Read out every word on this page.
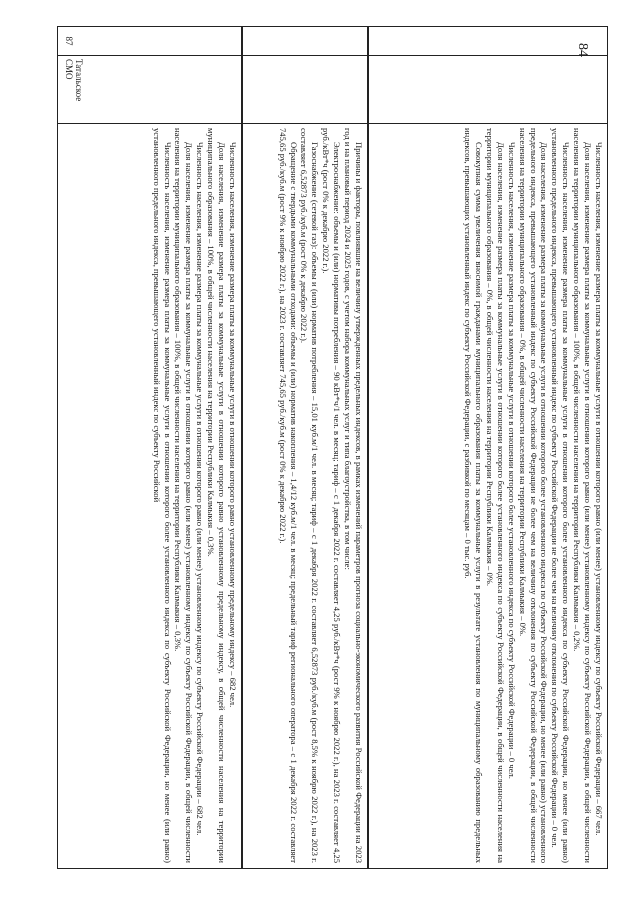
84

Численность населения, изменение размера платы за коммунальные услуги в отношении которого равно (или менее) установленному индексу по субъекту Российской Федерации – 667 чел.

Доля населения, изменение размера платы за коммунальные услуги в отношении которого равно (или менее) установленному индексу по субъекту Российской Федерации, в общей численности населения на территории муниципального образования – 100%, в общей численности населения на территории Республики Калмыкия – 0,2%.

Численность населения, изменение размера платы за коммунальные услуги в отношении которого более установленного индекса по субъекту Российской Федерации, но менее (или равно) установленного предельного индекса, превышающего установленный индекс по субъекту Российской Федерации не более чем на величину отклонения по субъекту Российской Федерации – 0 чел.

Доля населения, изменение размера платы за коммунальные услуги в отношении которого более установленного индекса по субъекту Российской Федерации, но менее (или равно) установленного предельного индекса, превышающего установленный индекс по субъекту Российской Федерации не более чем на величину отклонения по субъекту Российской Федерации, в общей численности населения на территории муниципального образования – 0%, в общей численности населения на территории Республики Калмыкия – 0%.

Численность населения, изменение размера платы за коммунальные услуги в отношении которого более установленного индекса по субъекту Российской Федерации – 0 чел.

Доля населения, изменение размера платы за коммунальные услуги в отношении которого более установленного индекса по субъекту Российской Федерации, в общей численности населения на территории муниципального образования – 0%, в общей численности населения на территории Республики Калмыкия – 0%.

Совокупная сумма увеличения вносимой гражданами муниципального образования платы за коммунальные услуги в результате установления по муниципальному образованию предельных индексов, превышающих установленный индекс по субъекту Российской Федерации, с разбивкой по месяцам – 0 тыс. руб.

Причины и факторы, повлиявшие на величину утвержденных предельных индексов, в рамках изменений параметров прогноза социально-экономического развития Российской Федерации на 2023 год и на плановый период 2024 и 2025 годов, с учетом набора коммунальных услуг и типа благоустройства, в том числе:

Электроснабжение: объемы и (или) нормативы потребления – 90 кВт*ч/1 чел. в месяц; тариф – с 1 декабря 2022 г. составляет 4,25 руб./кВт*ч (рост 9% к ноябрю 2022 г.), на 2023 г. составляет 4,25 руб./кВт*ч (рост 0% к декабрю 2022 г.).

Газоснабжение (сетевой газ): объемы и (или) норматив потребления – 15,01 куб.м/1 чел. в месяц; тариф – с 1 декабря 2022 г. составляет 6,52873 руб./куб.м (рост 8,5% к ноябрю 2022 г.), на 2023 г. составляет 6,52873 руб./куб.м (рост 0% к декабрю 2022 г.).

Обращение с твердыми коммунальными отходами: объемы и (или) норматив накопления – 1,4/12 куб.м/1 чел. в месяц; предельный тариф регионального оператора – с 1 декабря 2022 г. составляет 745,65 руб./куб.м (рост 9% к ноябрю 2022 г.), на 2023 г. составляет 745,65 руб./куб.м (рост 0% к декабрю 2022 г.).

87
Татальское СМО

Численность населения, изменение размера платы за коммунальные услуги в отношении которого равно установленному предельному индексу – 682 чел.

Доля населения, изменение размера платы за коммунальные услуги в отношении которого равно установленному предельному индексу, в общей численности населения на территории муниципального образования – 100%, в общей численности населения на территории Республики Калмыкия – 0,3%.

Численность населения, изменение размера платы за коммунальные услуги в отношении которого равно (или менее) установленному индексу по субъекту Российской Федерации – 682 чел.

Доля населения, изменение размера платы за коммунальные услуги в отношении которого равно (или менее) установленному индексу по субъекту Российской Федерации, в общей численности населения на территории муниципального образования – 100%, в общей численности населения на территории Республики Калмыкия – 0,3%.

Численность населения, изменение размера платы за коммунальные услуги в отношении которого более установленного индекса по субъекту Российской Федерации, но менее (или равно) установленного предельного индекса, превышающего установленный индекс по субъекту Российской
